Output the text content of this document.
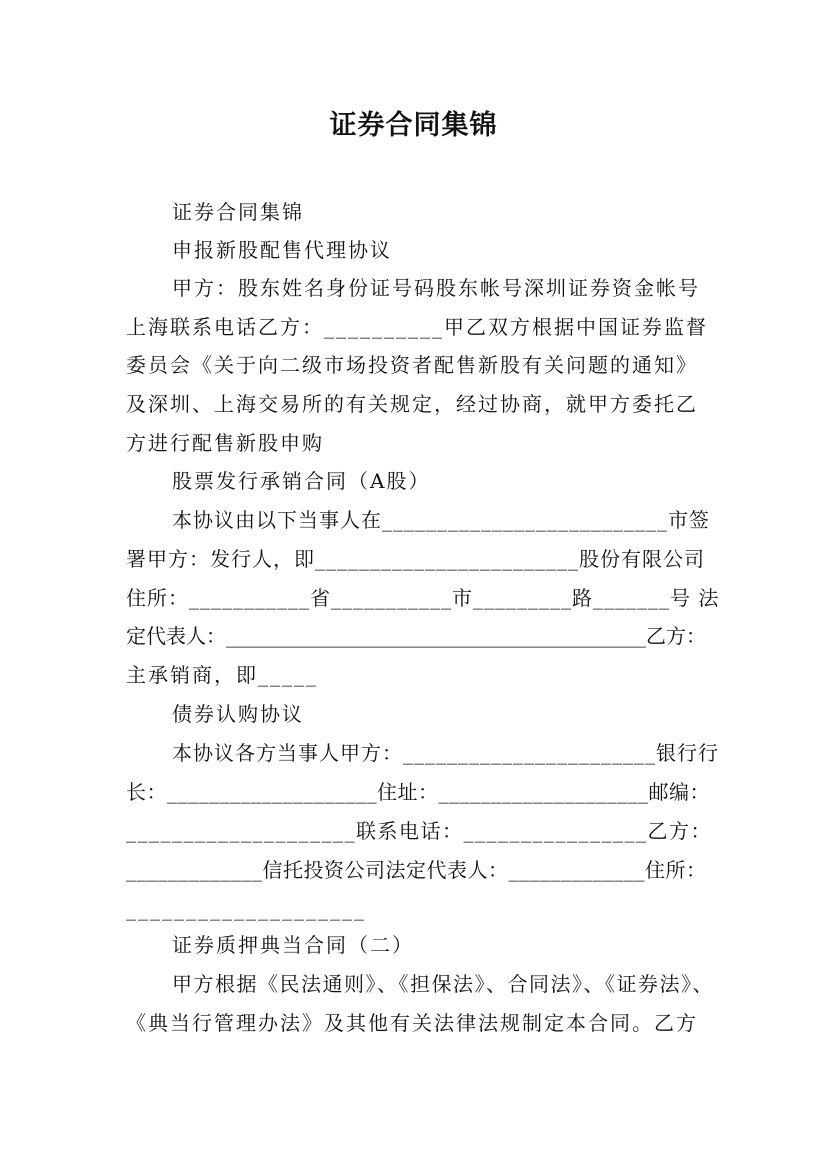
证券合同集锦
证券合同集锦
申报新股配售代理协议
甲方：股东姓名身份证号码股东帐号深圳证券资金帐号
上海联系电话乙方：__________甲乙双方根据中国证券监督
委员会《关于向二级市场投资者配售新股有关问题的通知》
及深圳、上海交易所的有关规定，经过协商，就甲方委托乙
方进行配售新股申购
股票发行承销合同（A股）
本协议由以下当事人在__________________________市签
署甲方：发行人，即________________________股份有限公司
住所：___________省___________市_________路_______号 法
定代表人：__________________________________________乙方：
主承销商，即_____
债券认购协议
本协议各方当事人甲方：_______________________银行行
长：____________________住址：____________________邮编：
____________________联系电话：________________乙方：
_____________信托投资公司法定代表人：_____________住所：
____________________
证券质押典当合同（二）
甲方根据《民法通则》、《担保法》、合同法》、《证券法》、
《典当行管理办法》及其他有关法律法规制定本合同。乙方
